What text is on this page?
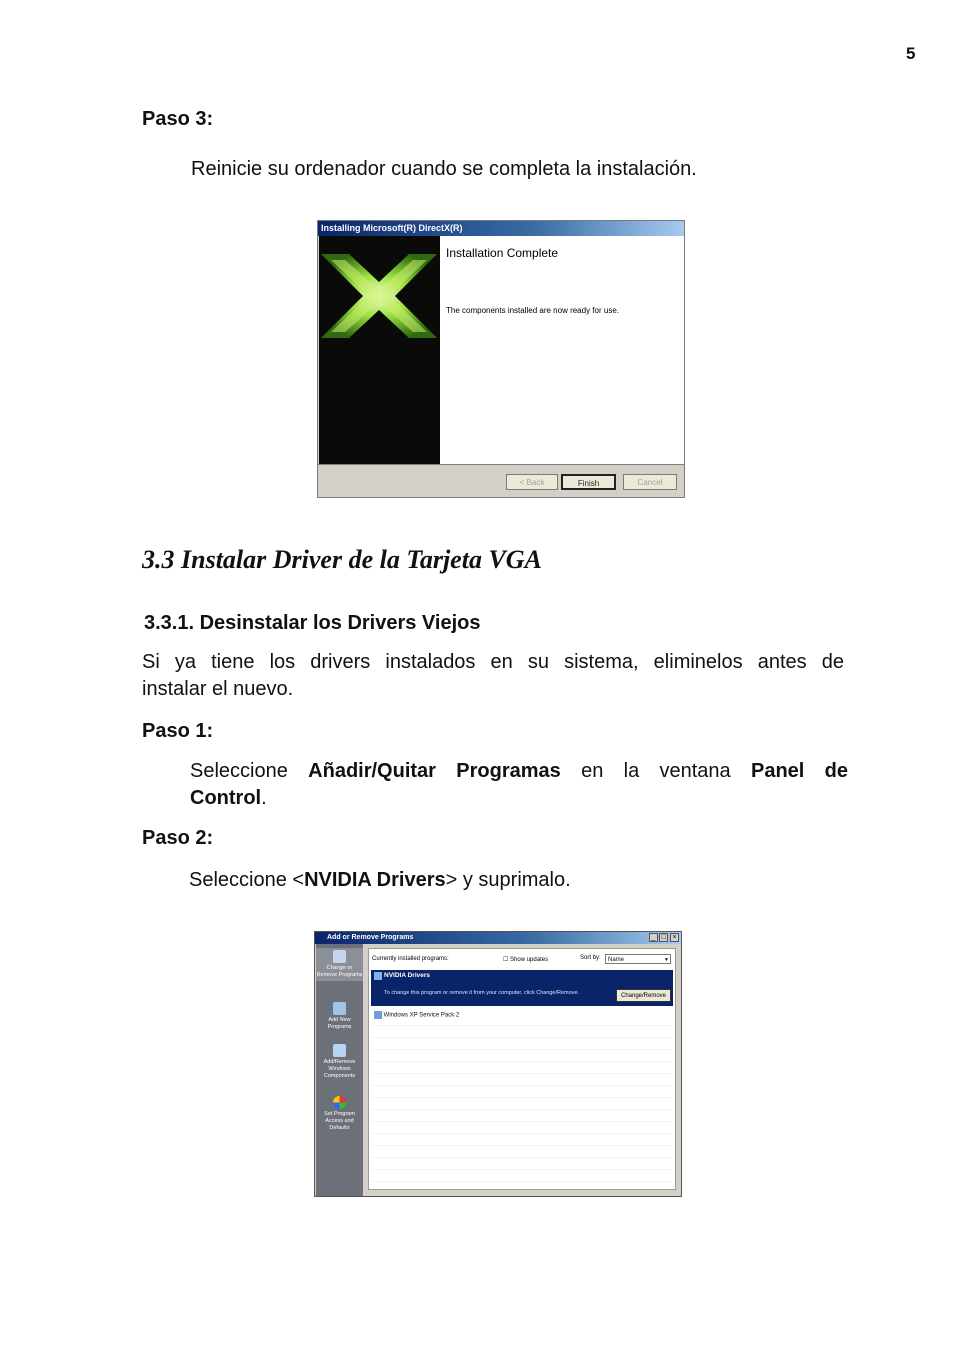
5
Paso 3:
Reinicie su ordenador cuando se completa la instalación.
Installing Microsoft(R) DirectX(R)
Installation Complete
The components installed are now ready for use.
< Back	Finish	Cancel
3.3 Instalar Driver de la Tarjeta VGA
3.3.1. Desinstalar los Drivers Viejos
Si ya tiene los drivers instalados en su sistema, eliminelos antes de
instalar el nuevo.
Paso 1:
Seleccione Añadir/Quitar Programas en la ventana Panel de
Control.
Paso 2:
Seleccione <NVIDIA Drivers> y suprimalo.
Add or Remove Programs	_ □ ×
Change or Remove Programs
Add New Programs
Add/Remove Windows Components
Set Program Access and Defaults
Currently installed programs:	☐ Show updates	Sort by:	Name	▼
NVIDIA Drivers
To change this program or remove it from your computer, click Change/Remove.	Change/Remove
Windows XP Service Pack 2
